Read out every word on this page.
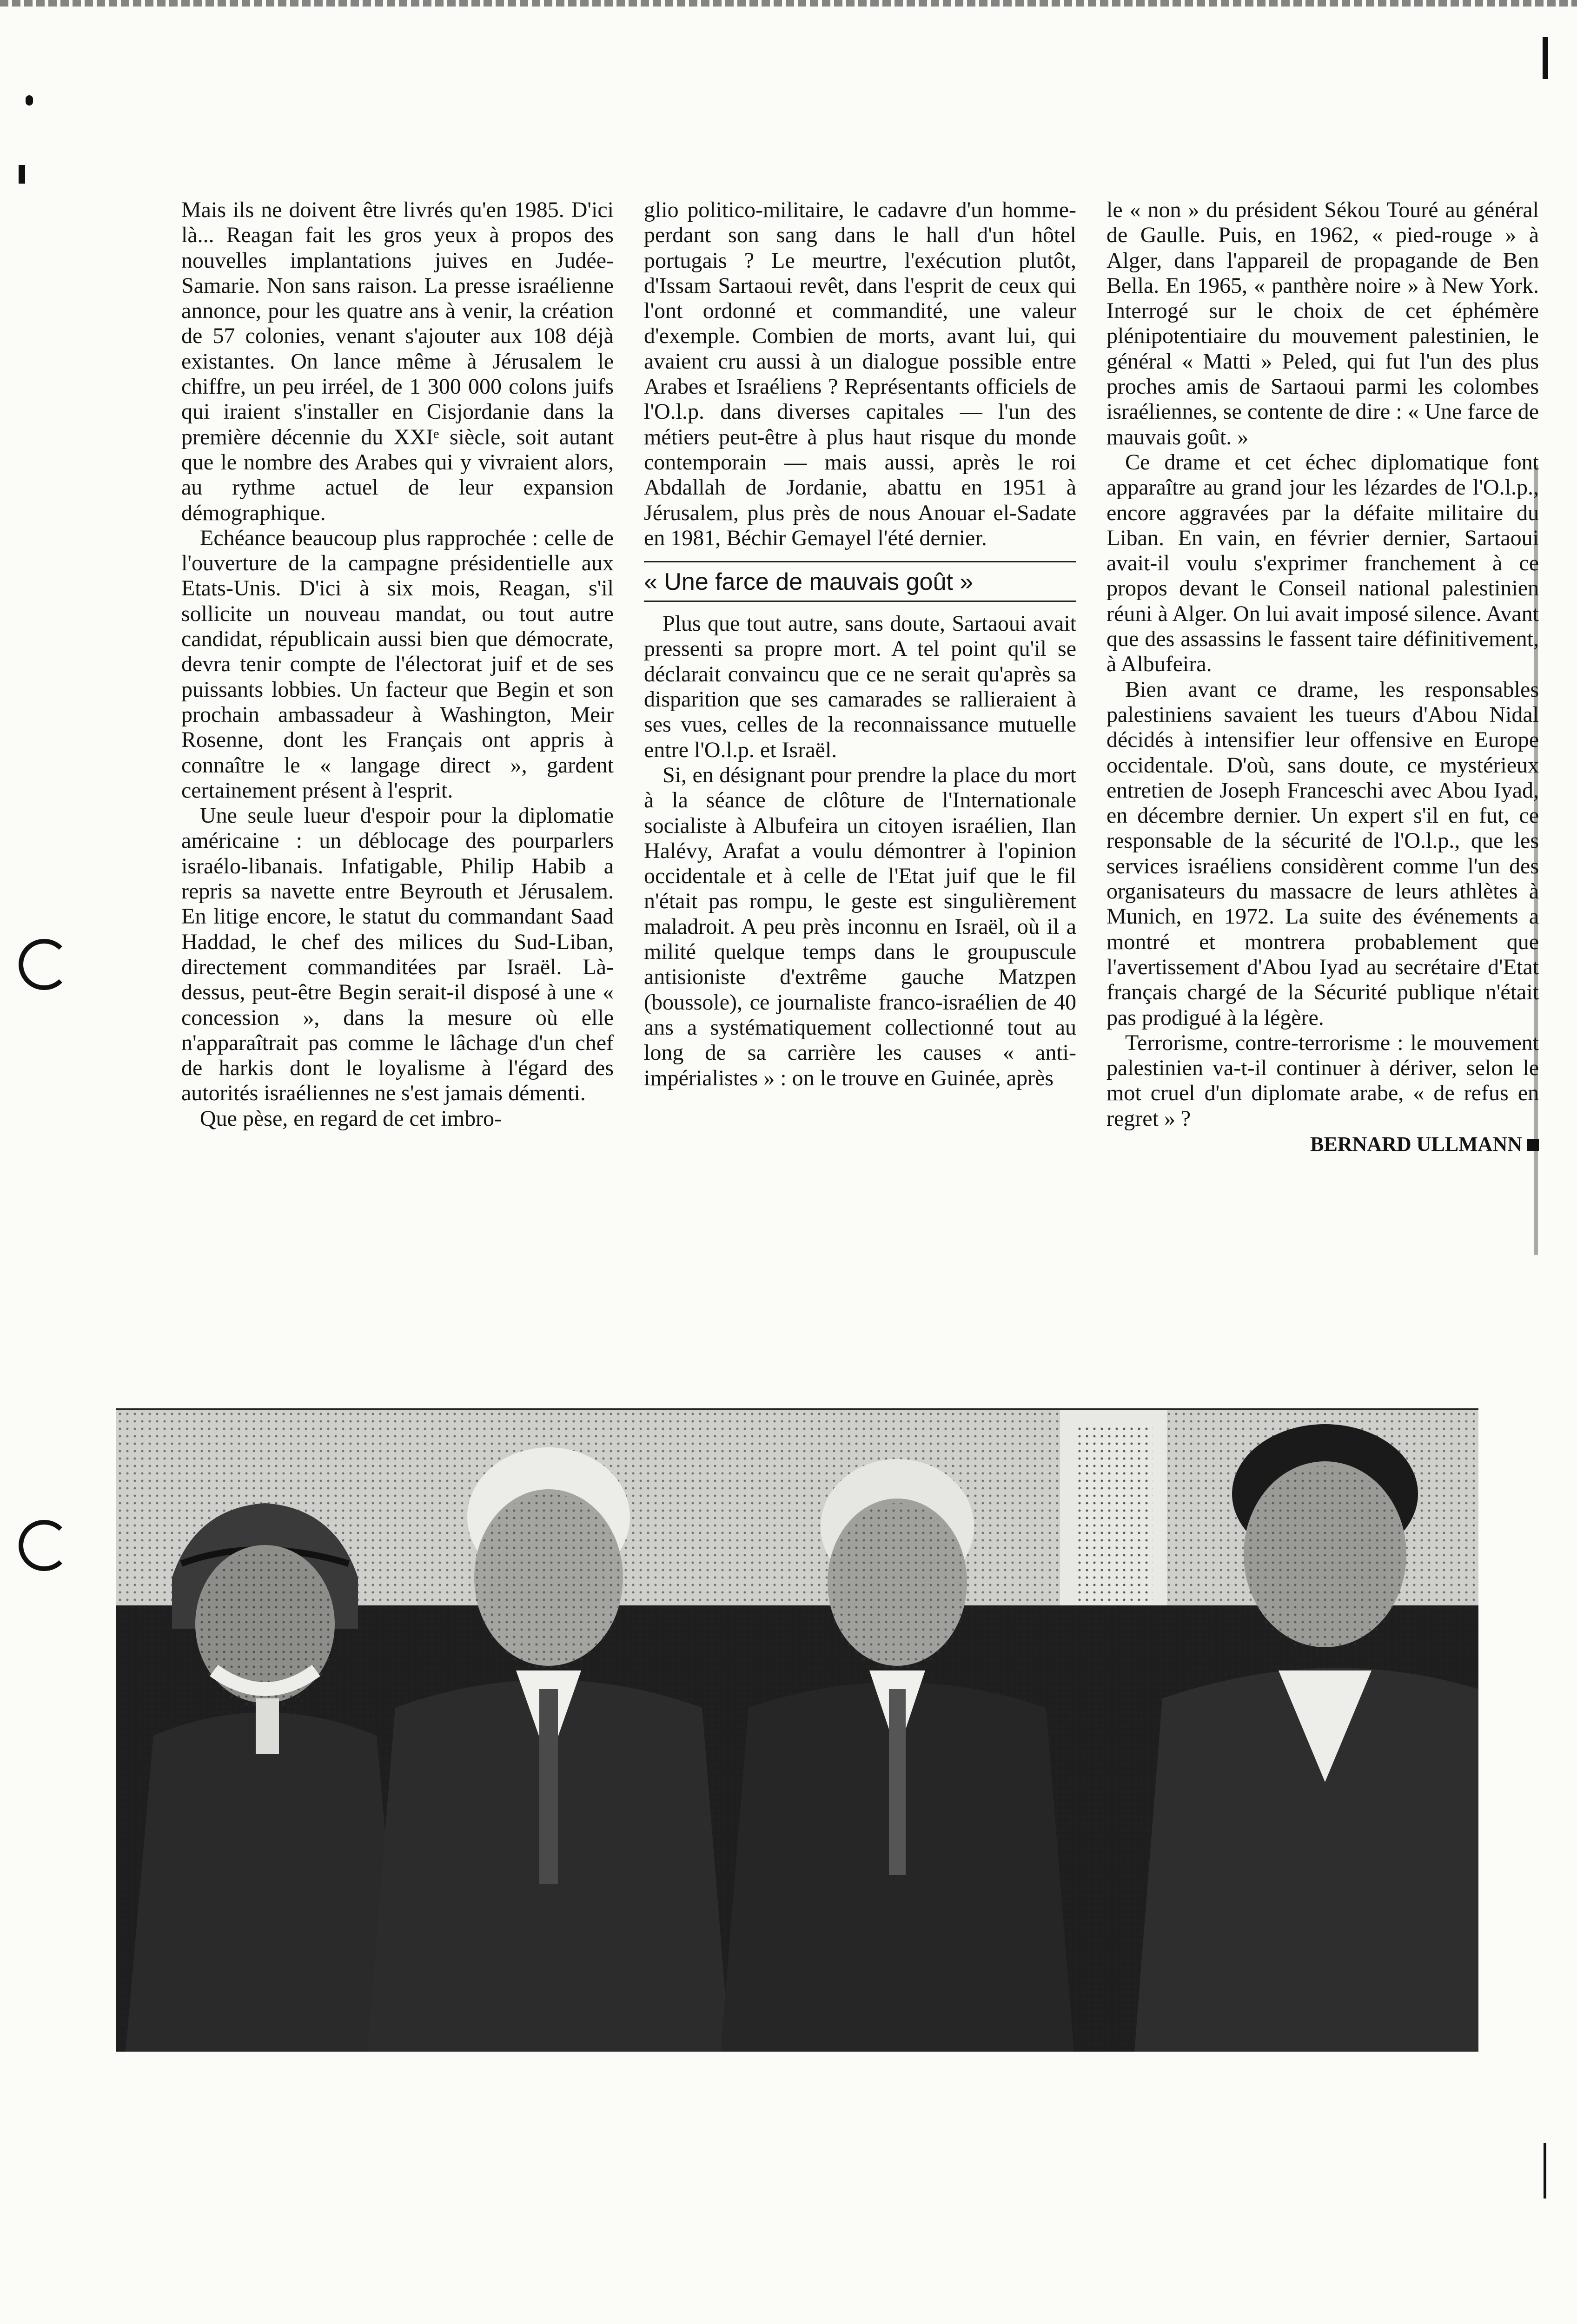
Mais ils ne doivent être livrés qu'en 1985. D'ici là... Reagan fait les gros yeux à propos des nouvelles implantations juives en Judée-Samarie. Non sans raison. La presse israélienne annonce, pour les quatre ans à venir, la création de 57 colonies, venant s'ajouter aux 108 déjà existantes. On lance même à Jérusalem le chiffre, un peu irréel, de 1 300 000 colons juifs qui iraient s'installer en Cisjordanie dans la première décennie du XXIᵉ siècle, soit autant que le nombre des Arabes qui y vivraient alors, au rythme actuel de leur expansion démographique.

Echéance beaucoup plus rapprochée : celle de l'ouverture de la campagne présidentielle aux Etats-Unis. D'ici à six mois, Reagan, s'il sollicite un nouveau mandat, ou tout autre candidat, républicain aussi bien que démocrate, devra tenir compte de l'électorat juif et de ses puissants lobbies. Un facteur que Begin et son prochain ambassadeur à Washington, Meir Rosenne, dont les Français ont appris à connaître le « langage direct », gardent certainement présent à l'esprit.

Une seule lueur d'espoir pour la diplomatie américaine : un déblocage des pourparlers israélo-libanais. Infatigable, Philip Habib a repris sa navette entre Beyrouth et Jérusalem. En litige encore, le statut du commandant Saad Haddad, le chef des milices du Sud-Liban, directement commanditées par Israël. Là-dessus, peut-être Begin serait-il disposé à une « concession », dans la mesure où elle n'apparaîtrait pas comme le lâchage d'un chef de harkis dont le loyalisme à l'égard des autorités israéliennes ne s'est jamais démenti.

Que pèse, en regard de cet imbro-

glio politico-militaire, le cadavre d'un homme-perdant son sang dans le hall d'un hôtel portugais ? Le meurtre, l'exécution plutôt, d'Issam Sartaoui revêt, dans l'esprit de ceux qui l'ont ordonné et commandité, une valeur d'exemple. Combien de morts, avant lui, qui avaient cru aussi à un dialogue possible entre Arabes et Israéliens ? Représentants officiels de l'O.l.p. dans diverses capitales — l'un des métiers peut-être à plus haut risque du monde contemporain — mais aussi, après le roi Abdallah de Jordanie, abattu en 1951 à Jérusalem, plus près de nous Anouar el-Sadate en 1981, Béchir Gemayel l'été dernier.

« Une farce de mauvais goût »

Plus que tout autre, sans doute, Sartaoui avait pressenti sa propre mort. A tel point qu'il se déclarait convaincu que ce ne serait qu'après sa disparition que ses camarades se rallieraient à ses vues, celles de la reconnaissance mutuelle entre l'O.l.p. et Israël.

Si, en désignant pour prendre la place du mort à la séance de clôture de l'Internationale socialiste à Albufeira un citoyen israélien, Ilan Halévy, Arafat a voulu démontrer à l'opinion occidentale et à celle de l'Etat juif que le fil n'était pas rompu, le geste est singulièrement maladroit. A peu près inconnu en Israël, où il a milité quelque temps dans le groupuscule antisioniste d'extrême gauche Matzpen (boussole), ce journaliste franco-israélien de 40 ans a systématiquement collectionné tout au long de sa carrière les causes « anti-impérialistes » : on le trouve en Guinée, après

le « non » du président Sékou Touré au général de Gaulle. Puis, en 1962, « pied-rouge » à Alger, dans l'appareil de propagande de Ben Bella. En 1965, « panthère noire » à New York. Interrogé sur le choix de cet éphémère plénipotentiaire du mouvement palestinien, le général « Matti » Peled, qui fut l'un des plus proches amis de Sartaoui parmi les colombes israéliennes, se contente de dire : « Une farce de mauvais goût. »

Ce drame et cet échec diplomatique font apparaître au grand jour les lézardes de l'O.l.p., encore aggravées par la défaite militaire du Liban. En vain, en février dernier, Sartaoui avait-il voulu s'exprimer franchement à ce propos devant le Conseil national palestinien réuni à Alger. On lui avait imposé silence. Avant que des assassins le fassent taire définitivement, à Albufeira.

Bien avant ce drame, les responsables palestiniens savaient les tueurs d'Abou Nidal décidés à intensifier leur offensive en Europe occidentale. D'où, sans doute, ce mystérieux entretien de Joseph Franceschi avec Abou Iyad, en décembre dernier. Un expert s'il en fut, ce responsable de la sécurité de l'O.l.p., que les services israéliens considèrent comme l'un des organisateurs du massacre de leurs athlètes à Munich, en 1972. La suite des événements a montré et montrera probablement que l'avertissement d'Abou Iyad au secrétaire d'Etat français chargé de la Sécurité publique n'était pas prodigué à la légère.

Terrorisme, contre-terrorisme : le mouvement palestinien va-t-il continuer à dériver, selon le mot cruel d'un diplomate arabe, « de refus en regret » ?

BERNARD ULLMANN
